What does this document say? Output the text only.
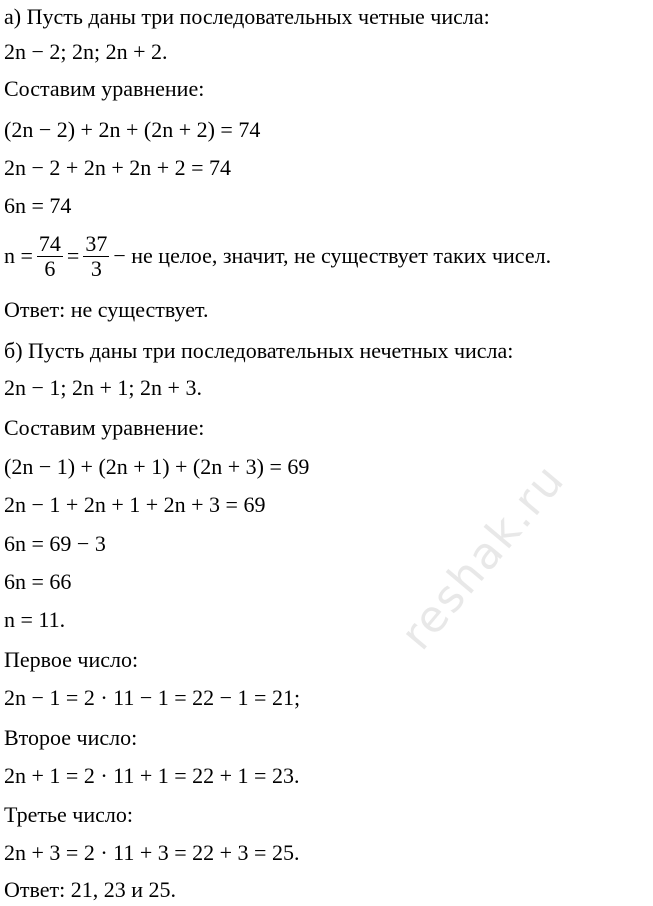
а) Пусть даны три последовательных четные числа:
2n − 2; 2n; 2n + 2.
Составим уравнение:
(2n − 2) + 2n + (2n + 2) = 74
2n − 2 + 2n + 2n + 2 = 74
6n = 74
$n = \frac{74}{6} = \frac{37}{3}$ − не целое, значит, не существует таких чисел.
Ответ: не существует.
б) Пусть даны три последовательных нечетных числа:
2n − 1; 2n + 1; 2n + 3.
Составим уравнение:
(2n − 1) + (2n + 1) + (2n + 3) = 69
2n − 1 + 2n + 1 + 2n + 3 = 69
6n = 69 − 3
6n = 66
n = 11.
Первое число:
2n − 1 = 2 · 11 − 1 = 22 − 1 = 21;
Второе число:
2n + 1 = 2 · 11 + 1 = 22 + 1 = 23.
Третье число:
2n + 3 = 2 · 11 + 3 = 22 + 3 = 25.
Ответ: 21, 23 и 25.
reshak.ru
